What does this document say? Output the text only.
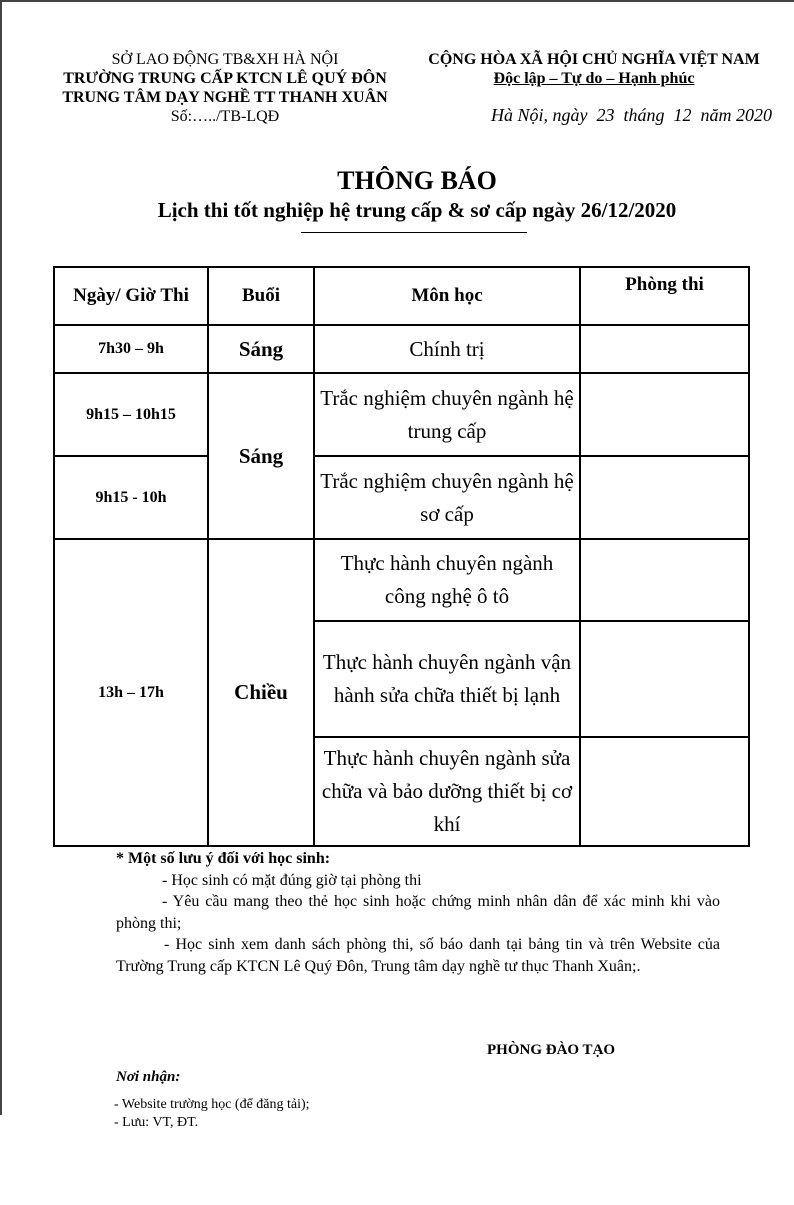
SỞ LAO ĐỘNG TB&XH HÀ NỘI
TRƯỜNG TRUNG CẤP KTCN LÊ QUÝ ĐÔN
TRUNG TÂM DẠY NGHỀ TT THANH XUÂN
Số:…../TB-LQĐ
CỘNG HÒA XÃ HỘI CHỦ NGHĨA VIỆT NAM
Độc lập – Tự do – Hạnh phúc
Hà Nội, ngày  23  tháng  12  năm 2020
THÔNG BÁO
Lịch thi tốt nghiệp hệ trung cấp & sơ cấp ngày 26/12/2020
Ngày/ Giờ Thi	Buổi	Môn học	Phòng thi
7h30 – 9h	Sáng	Chính trị	
9h15 – 10h15	Sáng	Trắc nghiệm chuyên ngành hệ trung cấp	
9h15 - 10h		Trắc nghiệm chuyên ngành hệ sơ cấp	
13h – 17h	Chiều	Thực hành chuyên ngành công nghệ ô tô	
		Thực hành chuyên ngành vận hành sửa chữa thiết bị lạnh	
		Thực hành chuyên ngành sửa chữa và bảo dưỡng thiết bị cơ khí	

* Một số lưu ý đối với học sinh:

- Học sinh có mặt đúng giờ tại phòng thi

- Yêu cầu mang theo thẻ học sinh hoặc chứng minh nhân dân để xác minh khi vào phòng thi;

- Học sinh xem danh sách phòng thi, số báo danh tại bảng tin và trên Website của Trường Trung cấp KTCN Lê Quý Đôn, Trung tâm dạy nghề tư thục Thanh Xuân;.

PHÒNG ĐÀO TẠO
Nơi nhận:
- Website trường học (để đăng tải);
- Lưu: VT, ĐT.
